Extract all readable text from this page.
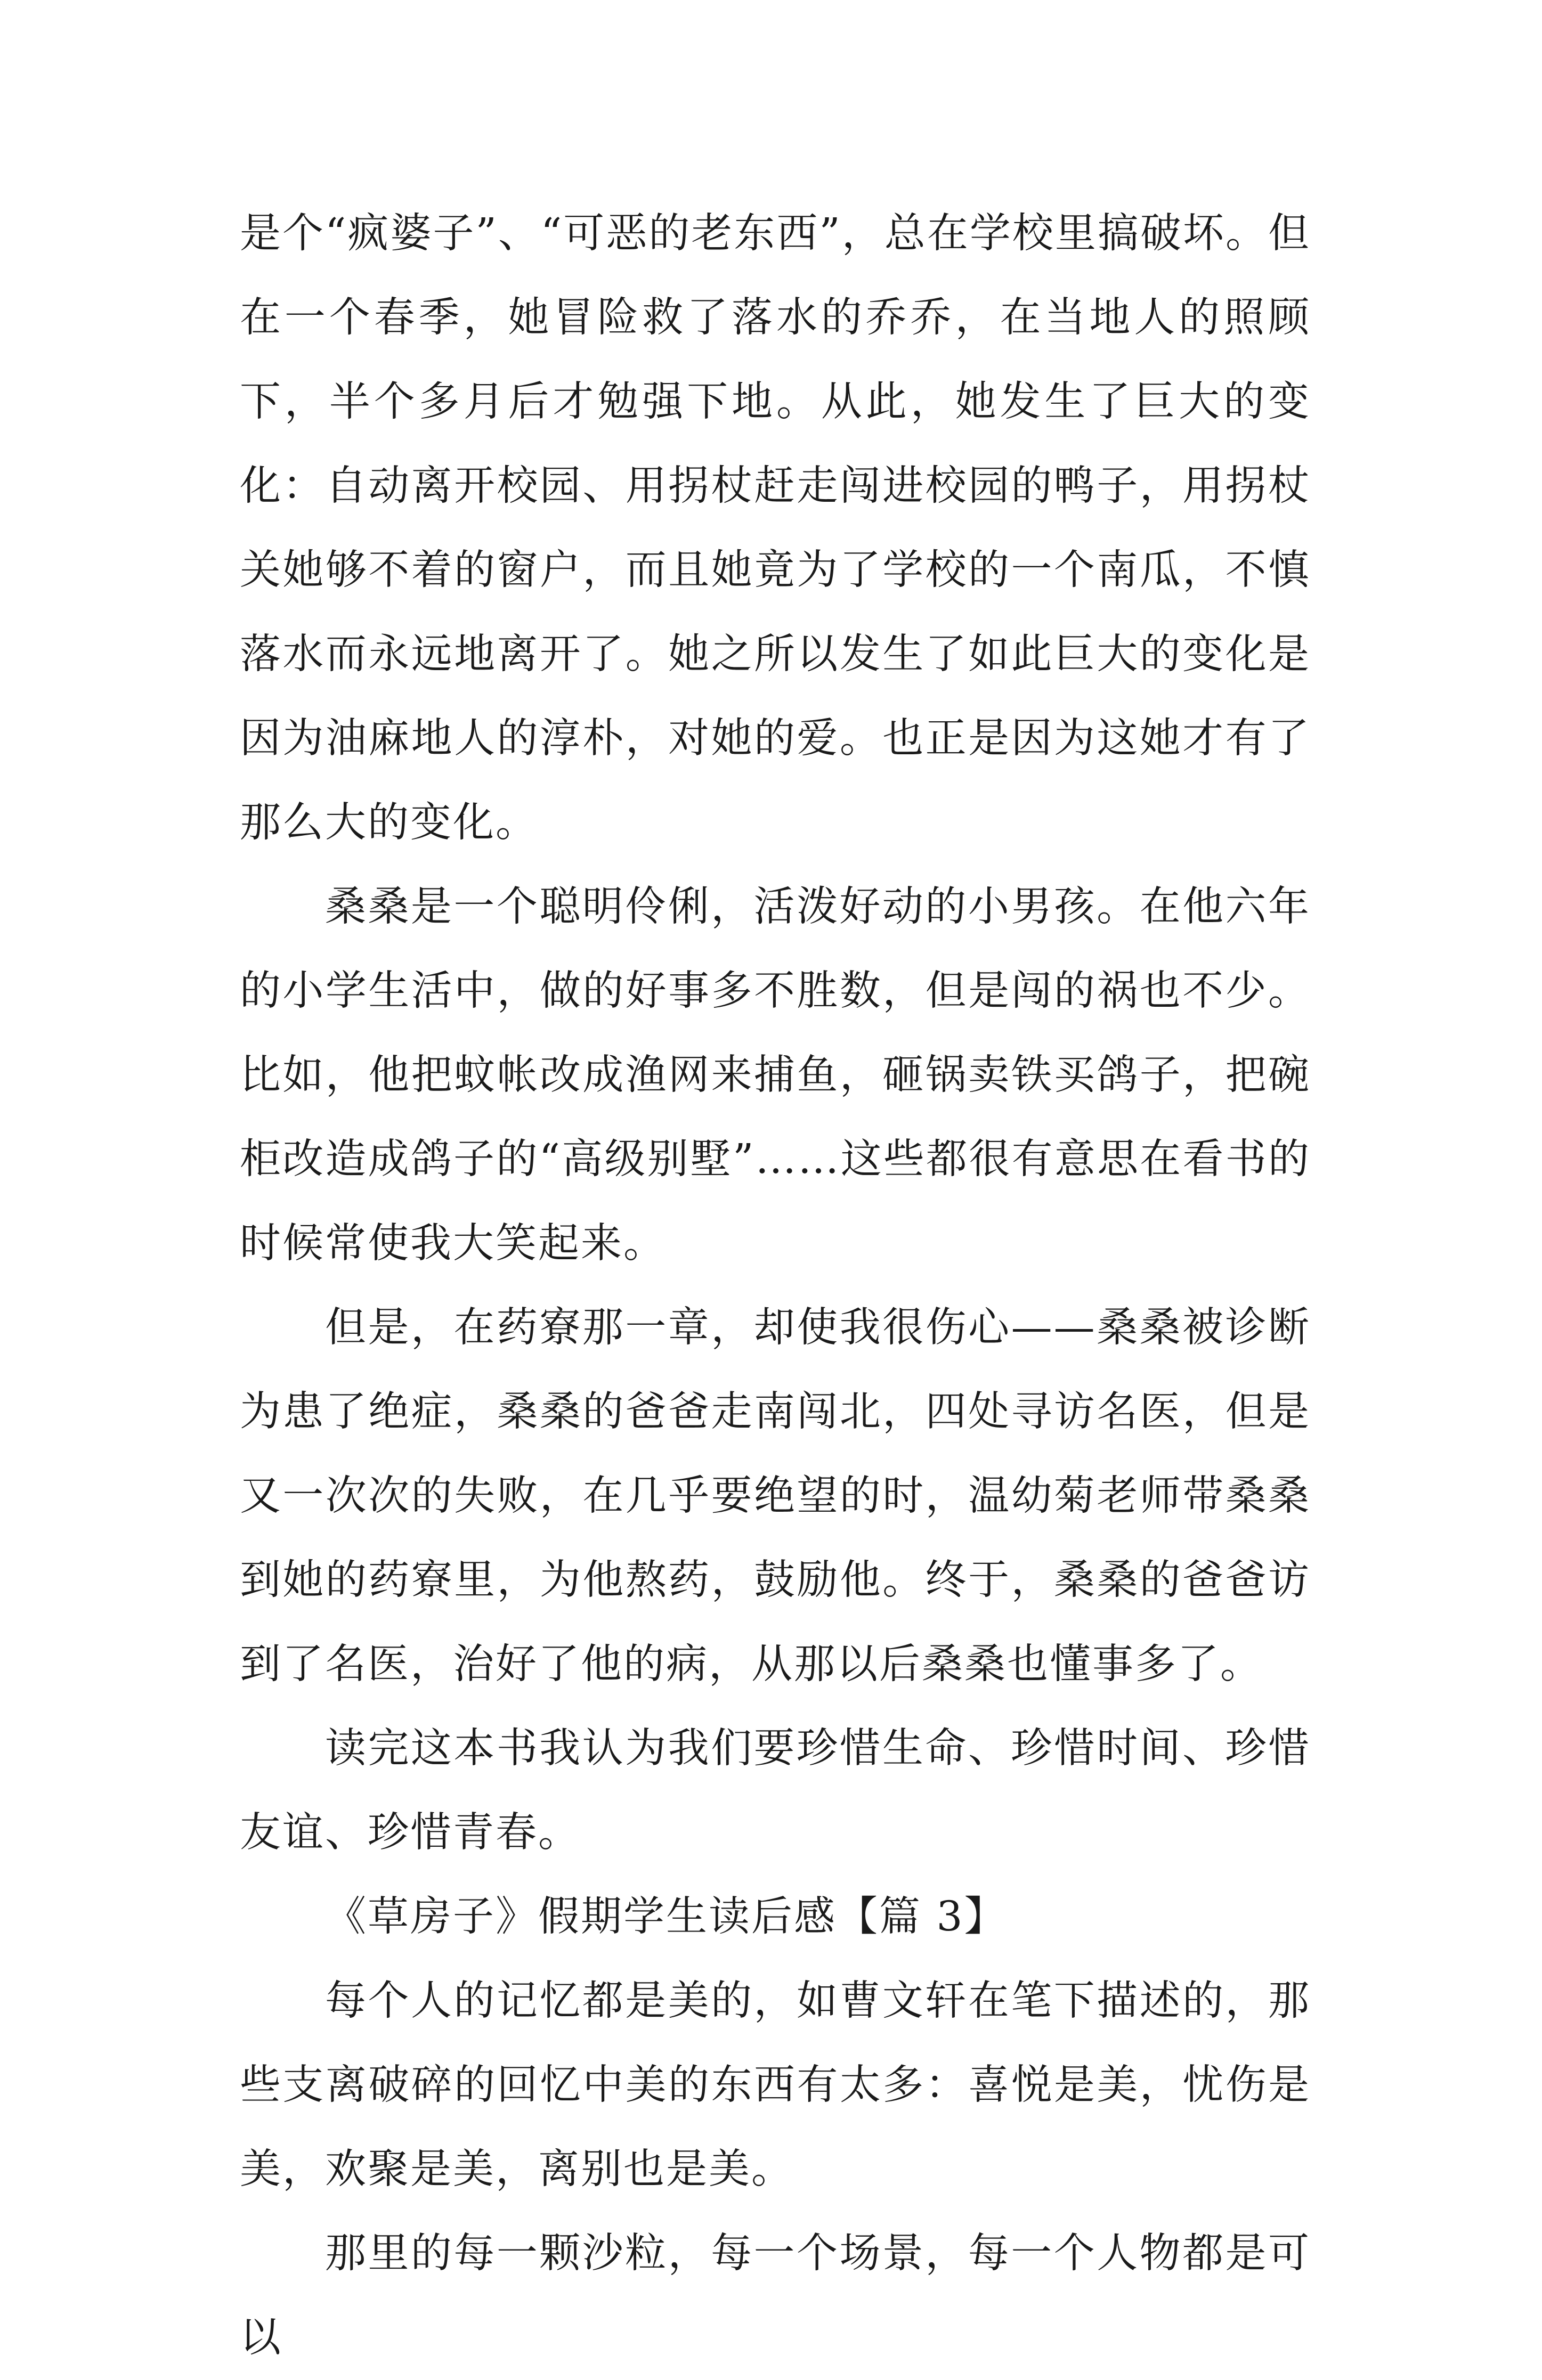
是个“疯婆子”、“可恶的老东西”，总在学校里搞破坏。但在一个春季，她冒险救了落水的乔乔，在当地人的照顾下，半个多月后才勉强下地。从此，她发生了巨大的变化：自动离开校园、用拐杖赶走闯进校园的鸭子，用拐杖关她够不着的窗户，而且她竟为了学校的一个南瓜，不慎落水而永远地离开了。她之所以发生了如此巨大的变化是因为油麻地人的淳朴，对她的爱。也正是因为这她才有了那么大的变化。

桑桑是一个聪明伶俐，活泼好动的小男孩。在他六年的小学生活中，做的好事多不胜数，但是闯的祸也不少。比如，他把蚊帐改成渔网来捕鱼，砸锅卖铁买鸽子，把碗柜改造成鸽子的“高级别墅”……这些都很有意思在看书的时候常使我大笑起来。

但是，在药寮那一章，却使我很伤心——桑桑被诊断为患了绝症，桑桑的爸爸走南闯北，四处寻访名医，但是又一次次的失败，在几乎要绝望的时，温幼菊老师带桑桑到她的药寮里，为他熬药，鼓励他。终于，桑桑的爸爸访到了名医，治好了他的病，从那以后桑桑也懂事多了。

读完这本书我认为我们要珍惜生命、珍惜时间、珍惜友谊、珍惜青春。

《草房子》假期学生读后感【篇 3】

每个人的记忆都是美的，如曹文轩在笔下描述的，那些支离破碎的回忆中美的东西有太多：喜悦是美，忧伤是美，欢聚是美，离别也是美。

那里的每一颗沙粒，每一个场景，每一个人物都是可以
